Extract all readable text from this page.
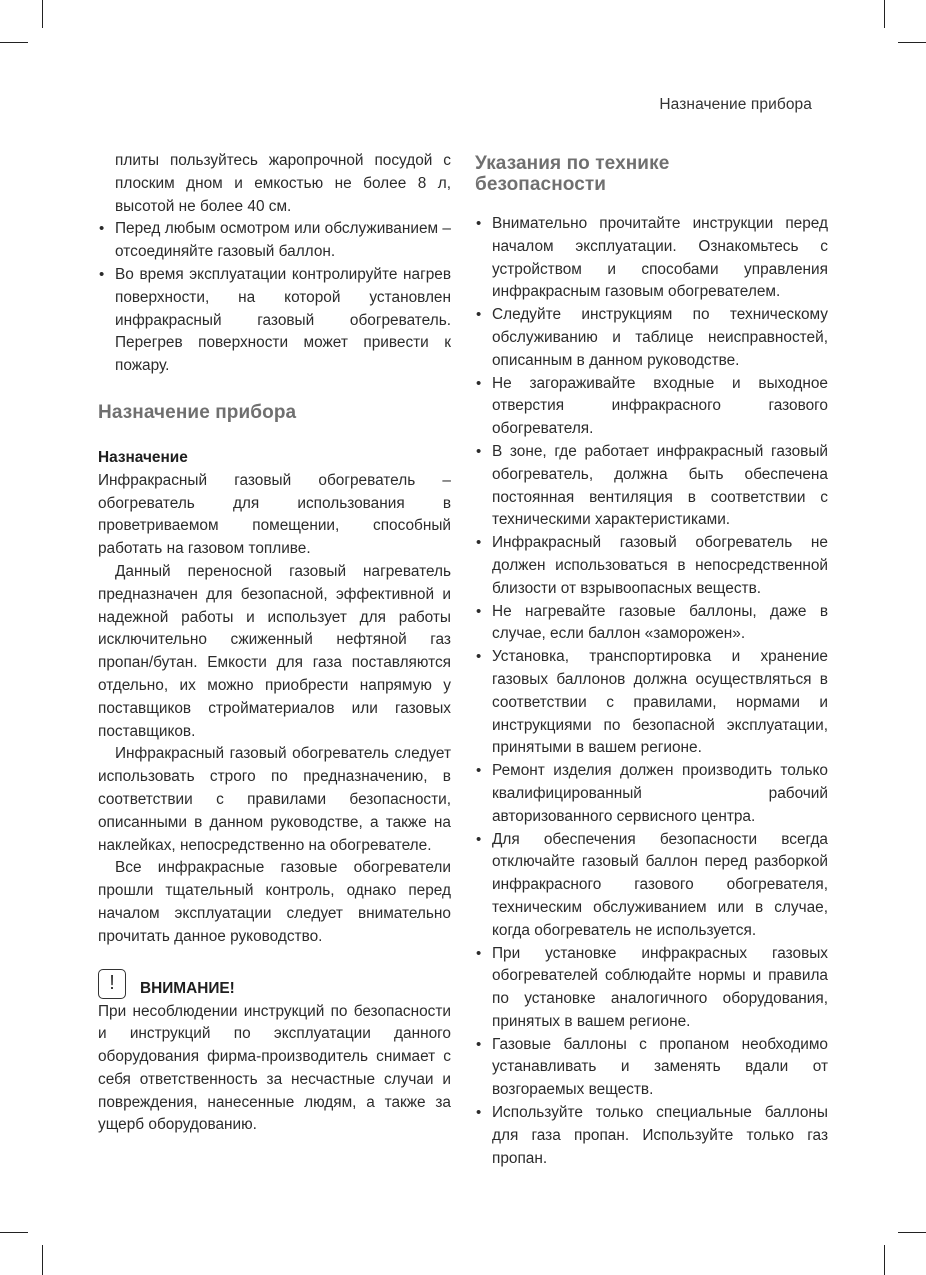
Назначение прибора

плиты пользуйтесь жаропрочной посудой с плоским дном и емкостью не более 8 л, высотой не более 40 см.

• Перед любым осмотром или обслуживанием – отсоединяйте газовый баллон.
• Во время эксплуатации контролируйте нагрев поверхности, на которой установлен инфракрасный газовый обогреватель. Перегрев поверхности может привести к пожару.
Назначение прибора
Назначение

Инфракрасный газовый обогреватель – обогреватель для использования в проветриваемом помещении, способный работать на газовом топливе.

Данный переносной газовый нагреватель предназначен для безопасной, эффективной и надежной работы и использует для работы исключительно сжиженный нефтяной газ пропан/бутан. Емкости для газа поставляются отдельно, их можно приобрести напрямую у поставщиков стройматериалов или газовых поставщиков.

Инфракрасный газовый обогреватель следует использовать строго по предназначению, в соответствии с правилами безопасности, описанными в данном руководстве, а также на наклейках, непосредственно на обогревателе.

Все инфракрасные газовые обогреватели прошли тщательный контроль, однако перед началом эксплуатации следует внимательно прочитать данное руководство.

!	ВНИМАНИЕ!

При несоблюдении инструкций по безопасности и инструкций по эксплуатации данного оборудования фирма-производитель снимает с себя ответственность за несчастные случаи и повреждения, нанесенные людям, а также за ущерб оборудованию.

Указания по технике
безопасности
• Внимательно прочитайте инструкции перед началом эксплуатации. Ознакомьтесь с устройством и способами управления инфракрасным газовым обогревателем.
• Следуйте инструкциям по техническому обслуживанию и таблице неисправностей, описанным в данном руководстве.
• Не загораживайте входные и выходное отверстия инфракрасного газового обогревателя.
• В зоне, где работает инфракрасный газовый обогреватель, должна быть обеспечена постоянная вентиляция в соответствии с техническими характеристиками.
• Инфракрасный газовый обогреватель не должен использоваться в непосредственной близости от взрывоопасных веществ.
• Не нагревайте газовые баллоны, даже в случае, если баллон «заморожен».
• Установка, транспортировка и хранение газовых баллонов должна осуществляться в соответствии с правилами, нормами и инструкциями по безопасной эксплуатации, принятыми в вашем регионе.
• Ремонт изделия должен производить только квалифицированный рабочий авторизованного сервисного центра.
• Для обеспечения безопасности всегда отключайте газовый баллон перед разборкой инфракрасного газового обогревателя, техническим обслуживанием или в случае, когда обогреватель не используется.
• При установке инфракрасных газовых обогревателей соблюдайте нормы и правила по установке аналогичного оборудования, принятых в вашем регионе.
• Газовые баллоны с пропаном необходимо устанавливать и заменять вдали от возгораемых веществ.
• Используйте только специальные баллоны для газа пропан. Используйте только газ пропан.
